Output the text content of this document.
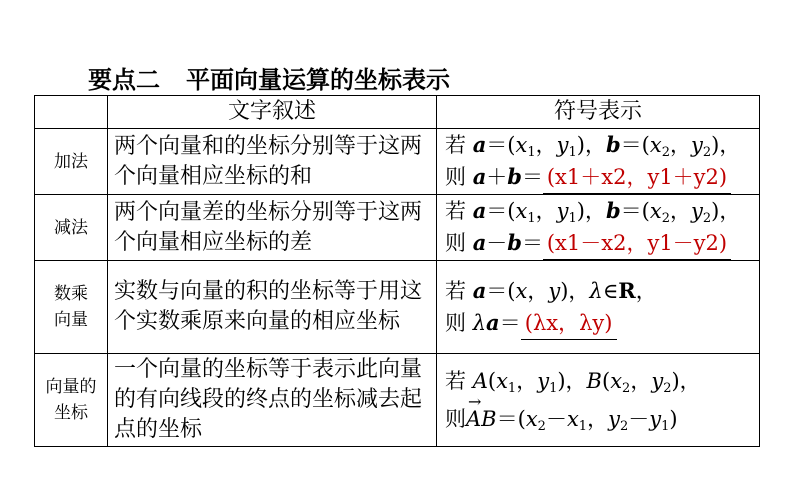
要点二 平面向量运算的坐标表示
	文字叙述	符号表示
加法	两个向量和的坐标分别等于这两个向量相应坐标的和	若 $a=(x_1$，$y_1$)，$b=(x_2$，$y_2$)，
则 a＋b＝ (x1＋x2，y1＋y2)

减法	两个向量差的坐标分别等于这两个向量相应坐标的差	若 $a=(x_1$，$y_1$)，$b=(x_2$，$y_2$)，
则 a－b＝ (x1－x2，y1－y2)

数乘向量	实数与向量的积的坐标等于用这个实数乘原来向量的相应坐标	若 a＝(x，y)，λ∈R，
则 λa＝ (λx，λy)

向量的坐标	一个向量的坐标等于表示此向量的有向线段的终点的坐标减去起点的坐标	若 $A(x_1$，$y_1$)，$B(x_2$，$y_2$)，
则→ $AB=(x_2-x_1$，$y_2-y_1$)
